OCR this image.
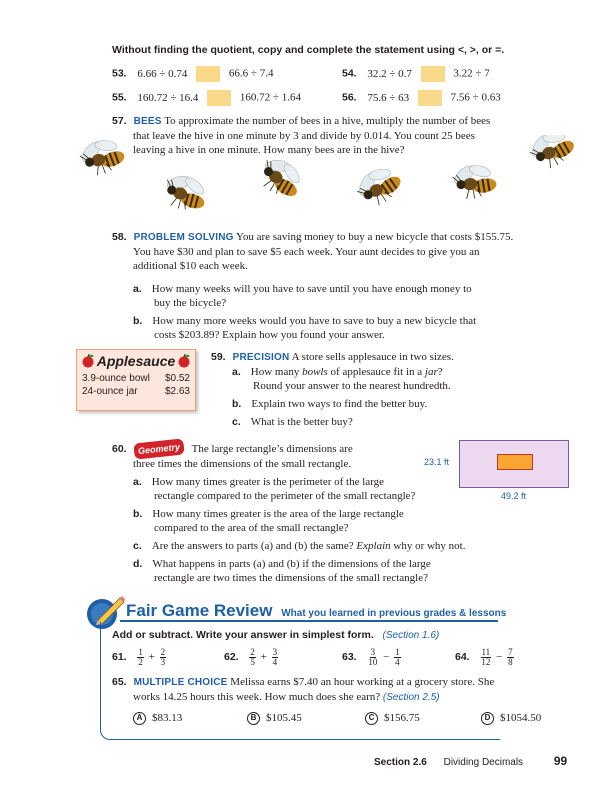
Without finding the quotient, copy and complete the statement using <, >, or =.
53. 6.66 ÷ 0.74	66.6 ÷ 7.4	54. 32.2 ÷ 0.7	3.22 ÷ 7
55. 160.72 ÷ 16.4	160.72 ÷ 1.64	56. 75.6 ÷ 63	7.56 ÷ 0.63
57. BEES To approximate the number of bees in a hive, multiply the number of bees
that leave the hive in one minute by 3 and divide by 0.014. You count 25 bees
leaving a hive in one minute. How many bees are in the hive?
58. PROBLEM SOLVING You are saving money to buy a new bicycle that costs $155.75.
You have $30 and plan to save $5 each week. Your aunt decides to give you an
additional $10 each week.
a. How many weeks will you have to save until you have enough money to
buy the bicycle?
b. How many more weeks would you have to save to buy a new bicycle that
costs $203.89? Explain how you found your answer.
Applesauce
3.9-ounce bowl $0.52
24-ounce jar	$2.63
59. PRECISION A store sells applesauce in two sizes.
a. How many bowls of applesauce fit in a jar?
Round your answer to the nearest hundredth.
b. Explain two ways to find the better buy.
c. What is the better buy?
60. Geometry The large rectangle’s dimensions are
three times the dimensions of the small rectangle.
a. How many times greater is the perimeter of the large
rectangle compared to the perimeter of the small rectangle?
b. How many times greater is the area of the large rectangle
compared to the area of the small rectangle?
c. Are the answers to parts (a) and (b) the same? Explain why or why not.
d. What happens in parts (a) and (b) if the dimensions of the large
rectangle are two times the dimensions of the small rectangle?
23.1 ft
49.2 ft
Fair Game Review What you learned in previous grades & lessons
Add or subtract. Write your answer in simplest form. (Section 1.6)
61. $\frac{1}{2} + \frac{2}{3}$	62. $\frac{2}{5} + \frac{3}{4}$	63. $\frac{3}{10} - \frac{1}{4}$	64. $\frac{11}{12} - \frac{7}{8}$
65. MULTIPLE CHOICE Melissa earns $7.40 an hour working at a grocery store. She
works 14.25 hours this week. How much does she earn? (Section 2.5)
A $83.13	B $105.45	C $156.75	D $1054.50
Section 2.6 Dividing Decimals	99
